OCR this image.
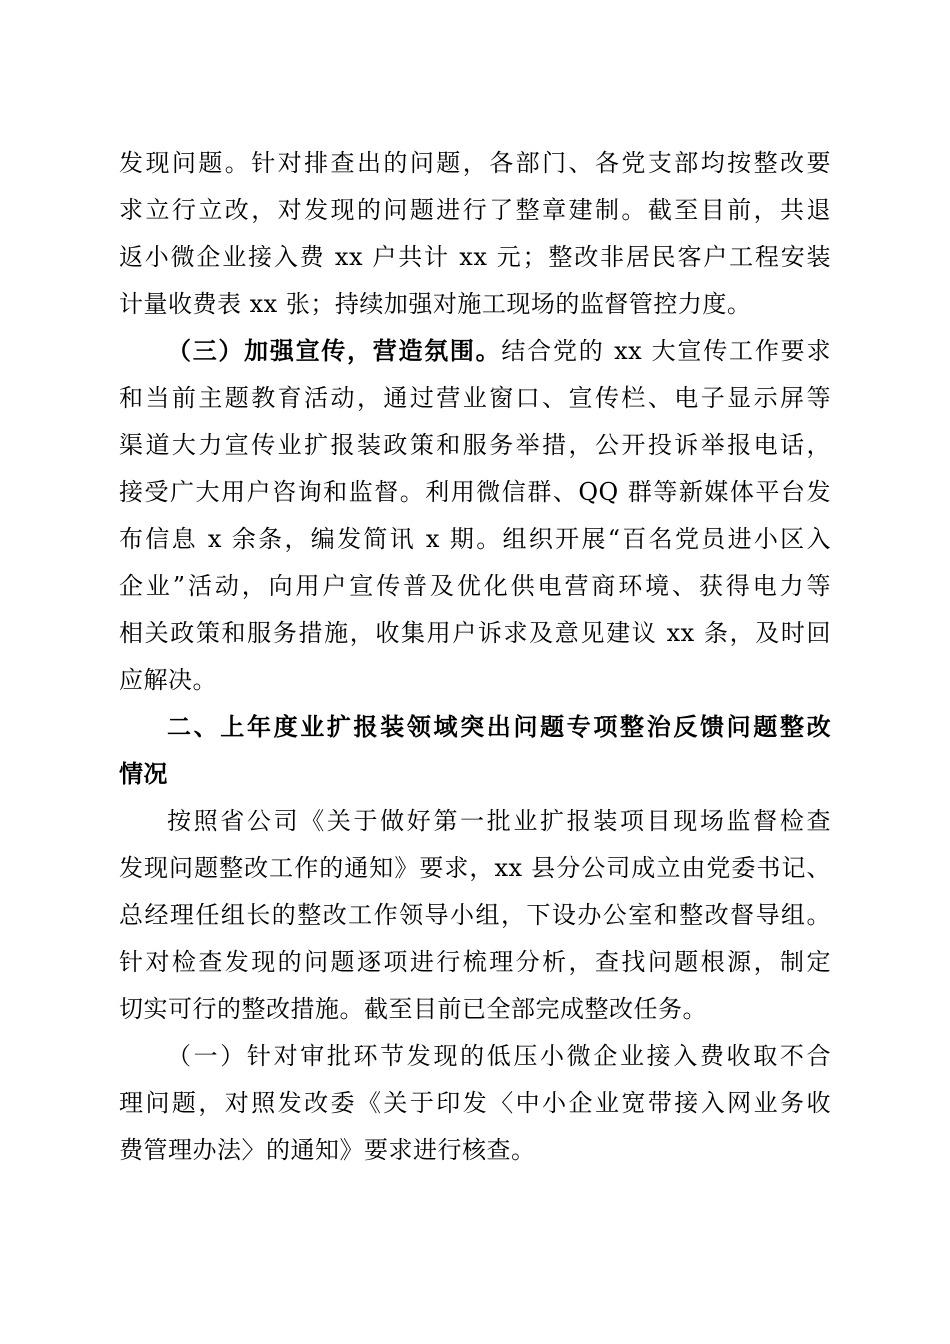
发现问题。针对排查出的问题，各部门、各党支部均按整改要
求立行立改，对发现的问题进行了整章建制。截至目前，共退
返小微企业接入费 xx 户共计 xx 元；整改非居民客户工程安装
计量收费表 xx 张；持续加强对施工现场的监督管控力度。
（三）加强宣传，营造氛围。结合党的 xx 大宣传工作要求
和当前主题教育活动，通过营业窗口、宣传栏、电子显示屏等
渠道大力宣传业扩报装政策和服务举措，公开投诉举报电话，
接受广大用户咨询和监督。利用微信群、QQ 群等新媒体平台发
布信息 x 余条，编发简讯 x 期。组织开展“百名党员进小区入
企业”活动，向用户宣传普及优化供电营商环境、获得电力等
相关政策和服务措施，收集用户诉求及意见建议 xx 条，及时回
应解决。
二、上年度业扩报装领域突出问题专项整治反馈问题整改
情况
按照省公司《关于做好第一批业扩报装项目现场监督检查
发现问题整改工作的通知》要求，xx 县分公司成立由党委书记、
总经理任组长的整改工作领导小组，下设办公室和整改督导组。
针对检查发现的问题逐项进行梳理分析，查找问题根源，制定
切实可行的整改措施。截至目前已全部完成整改任务。
（一）针对审批环节发现的低压小微企业接入费收取不合
理问题，对照发改委《关于印发〈中小企业宽带接入网业务收
费管理办法〉的通知》要求进行核查。
